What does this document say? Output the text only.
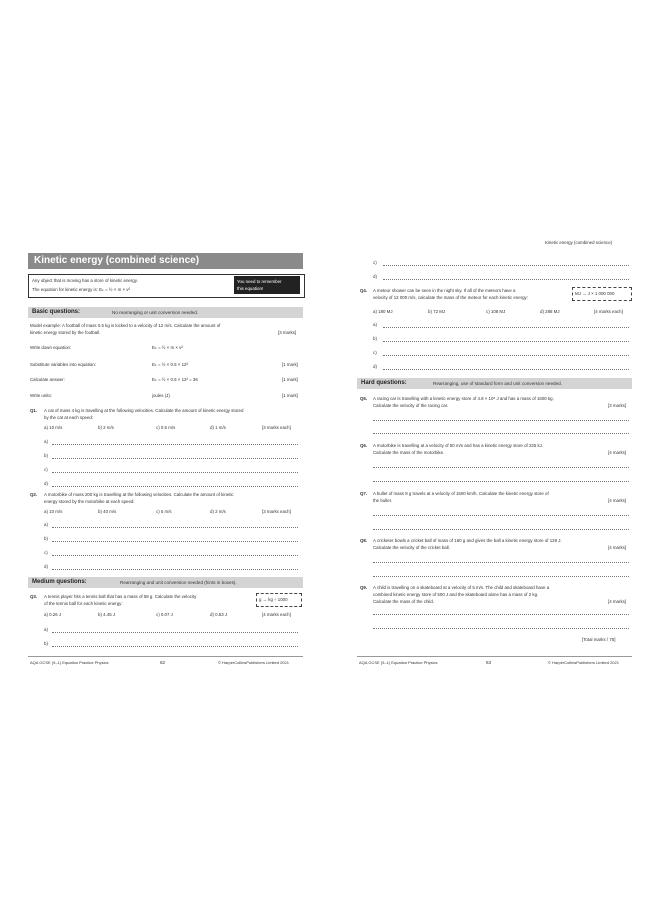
Kinetic energy (combined science)
Any object that is moving has a store of kinetic energy.
The equation for kinetic energy is: Eₖ = ½ × m × v²
You need to remember
this equation!
Basic questions:	No rearranging or unit conversion needed.
Model example: A football of mass 0.5 kg is kicked to a velocity of 12 m/s. Calculate the amount of
kinetic energy stored by the football.	[3 marks]
Write down equation:	Eₖ = ½ × m × v²
Substitute variables into equation:	Eₖ = ½ × 0.5 × 12²	[1 mark]
Calculate answer:	Eₖ = ½ × 0.5 × 12² = 36	[1 mark]
Write units:	joules (J)	[1 mark]
Q1. A cat of mass 4 kg is travelling at the following velocities. Calculate the amount of kinetic energy stored
by the cat at each speed:
a) 10 m/s	b) 2 m/s	c) 0.5 m/s	d) 1 m/s	[3 marks each]
a)
b)
c)
d)
Q2. A motorbike of mass 200 kg is travelling at the following velocities. Calculate the amount of kinetic
energy stored by the motorbike at each speed:
a) 10 m/s	b) 40 m/s	c) 5 m/s	d) 2 m/s	[3 marks each]
a)
b)
c)
d)
Medium questions:	Rearranging and unit conversion needed (hints in boxes).
Q3. A tennis player hits a tennis ball that has a mass of 58 g. Calculate the velocity
of the tennis ball for each kinetic energy:
g → kg ÷ 1000
a) 0.26 J	b) 4.45 J	c) 0.07 J	d) 0.53 J	[4 marks each]
a)
b)
AQA GCSE (9–1) Equation Practice Physics	62	© HarperCollinsPublishers Limited 2021
Kinetic energy (combined science)
c)
d)
Q4. A meteor shower can be seen in the night sky. If all of the meteors have a
velocity of 12 000 m/s, calculate the mass of the meteor for each kinetic energy:
MJ → J × 1 000 000
a) 180 MJ	b) 72 MJ	c) 108 MJ	d) 288 MJ	[4 marks each]
a)
b)
c)
d)
Hard questions:	Rearranging, use of standard form and unit conversion needed.
Q5. A racing car is travelling with a kinetic energy store of 4.8 × 10⁶ J and has a mass of 1600 kg.
Calculate the velocity of the racing car.	[3 marks]
Q6. A motorbike is travelling at a velocity of 50 m/s and has a kinetic energy store of 225 kJ.
Calculate the mass of the motorbike.	[4 marks]
Q7. A bullet of mass 8 g travels at a velocity of 1500 km/h. Calculate the kinetic energy store of
the bullet.	[4 marks]
Q8. A cricketer bowls a cricket ball of mass of 160 g and gives the ball a kinetic energy store of 128 J.
Calculate the velocity of the cricket ball.	[4 marks]
Q9. A child is travelling on a skateboard at a velocity of 5 m/s. The child and skateboard have a
combined kinetic energy store of 500 J and the skateboard alone has a mass of 2 kg.
Calculate the mass of the child.	[4 marks]
[Total marks / 75]
AQA GCSE (9–1) Equation Practice Physics	63	© HarperCollinsPublishers Limited 2021
